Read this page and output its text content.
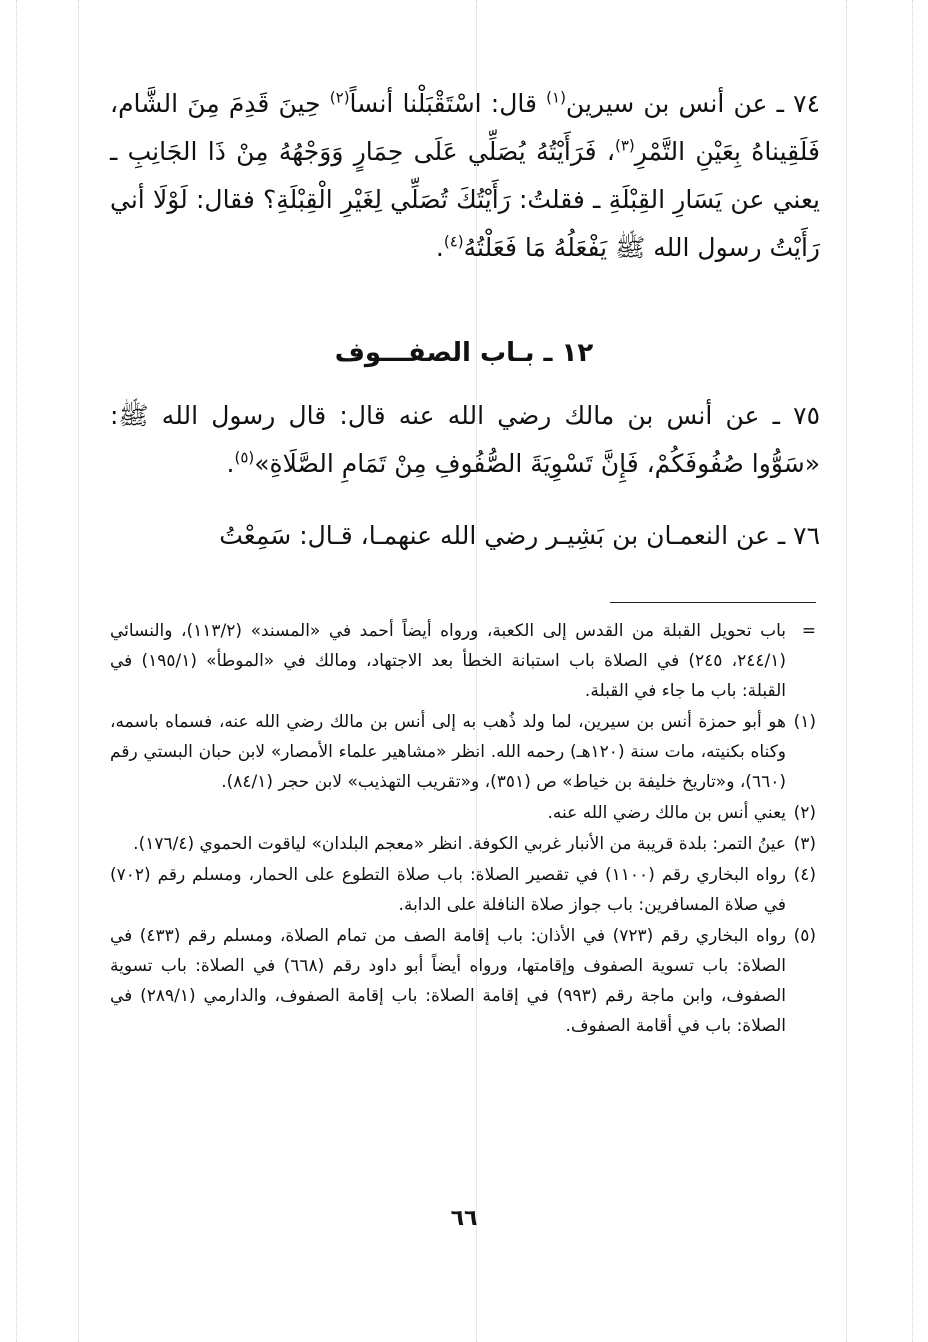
٧٤ ـ عن أنس بن سيرين$^{(١)}$ قال: اسْتَقْبَلْنا أنساً$^{(٢)}$ حِينَ قَدِمَ مِنَ الشَّام، فَلَقِيناهُ بِعَيْنِ التَّمْرِ$^{(٣)}$، فَرَأَيْتُهُ يُصَلِّي عَلَى حِمَارٍ وَوَجْهُهُ مِنْ ذَا الجَانِبِ ـ يعني عن يَسَارِ القِبْلَةِ ـ فقلتُ: رَأَيْتُكَ تُصَلِّي لِغَيْرِ الْقِبْلَةِ؟ فقال: لَوْلَا أني رَأَيْتُ رسول الله ﷺ يَفْعَلُهُ مَا فَعَلْتُهُ$^{(٤)}$.

١٢ ـ بـاب الصفـــوف

٧٥ ـ عن أنس بن مالك رضي الله عنه قال: قال رسول الله ﷺ: «سَوُّوا صُفُوفَكُمْ، فَإِنَّ تَسْوِيَةَ الصُّفُوفِ مِنْ تَمَامِ الصَّلَاةِ»$^{(٥)}$.

٧٦ ـ عن النعمـان بن بَشِيـر رضي الله عنهمـا، قـال: سَمِعْتُ

=
باب تحويل القبلة من القدس إلى الكعبة، ورواه أيضاً أحمد في «المسند» (١١٣/٢)، والنسائي (٢٤٤/١، ٢٤٥) في الصلاة باب استبانة الخطأ بعد الاجتهاد، ومالك في «الموطأ» (١٩٥/١) في القبلة: باب ما جاء في القبلة.
(١)
هو أبو حمزة أنس بن سيرين، لما ولد ذُهب به إلى أنس بن مالك رضي الله عنه، فسماه باسمه، وكناه بكنيته، مات سنة (١٢٠هـ) رحمه الله. انظر «مشاهير علماء الأمصار» لابن حبان البستي رقم (٦٦٠)، و«تاريخ خليفة بن خياط» ص (٣٥١)، و«تقريب التهذيب» لابن حجر (٨٤/١).
(٢)
يعني أنس بن مالك رضي الله عنه.
(٣)
عينُ التمر: بلدة قريبة من الأنبار غربي الكوفة. انظر «معجم البلدان» لياقوت الحموي (١٧٦/٤).
(٤)
رواه البخاري رقم (١١٠٠) في تقصير الصلاة: باب صلاة التطوع على الحمار، ومسلم رقم (٧٠٢) في صلاة المسافرين: باب جواز صلاة النافلة على الدابة.
(٥)
رواه البخاري رقم (٧٢٣) في الأذان: باب إقامة الصف من تمام الصلاة، ومسلم رقم (٤٣٣) في الصلاة: باب تسوية الصفوف وإقامتها، ورواه أيضاً أبو داود رقم (٦٦٨) في الصلاة: باب تسوية الصفوف، وابن ماجة رقم (٩٩٣) في إقامة الصلاة: باب إقامة الصفوف، والدارمي (٢٨٩/١) في الصلاة: باب في أقامة الصفوف.

٦٦
